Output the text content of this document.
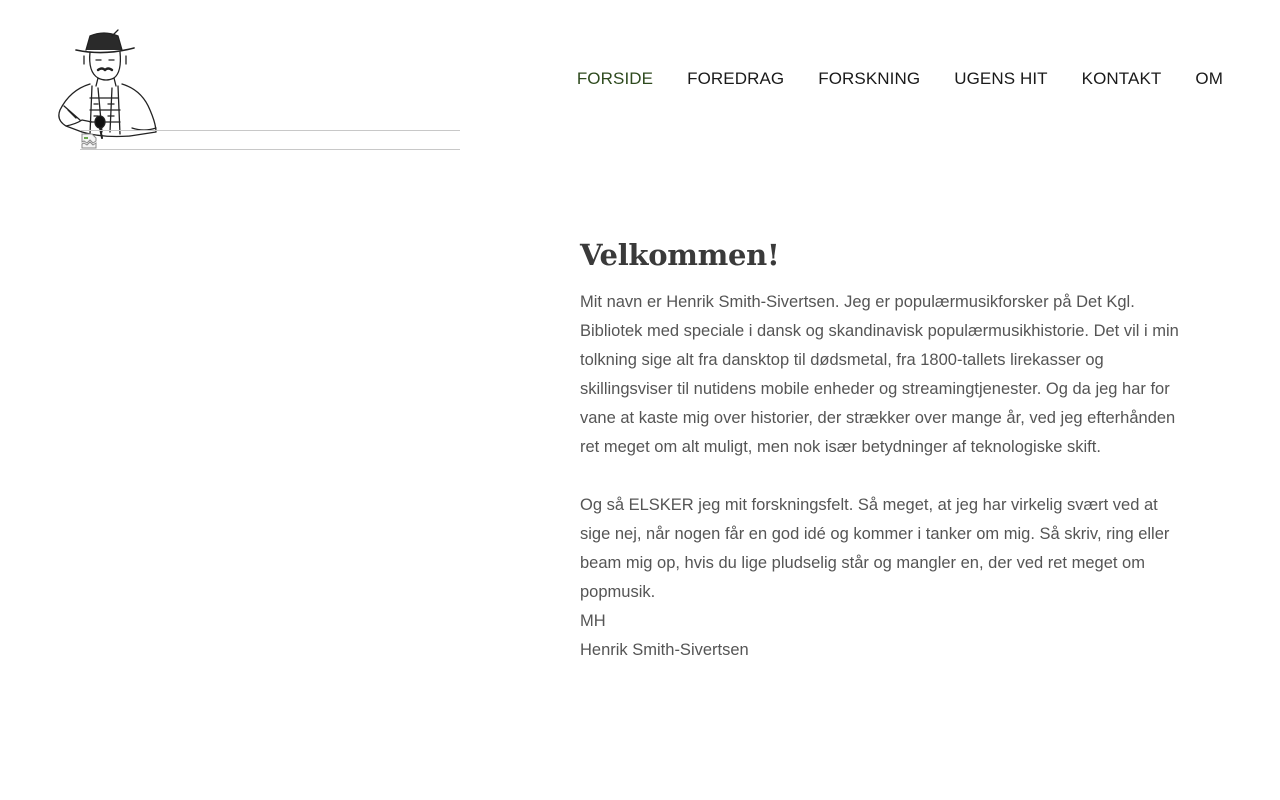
FORSIDE FOREDRAG FORSKNING UGENS HIT KONTAKT OM
Velkommen!

Mit navn er Henrik Smith-Sivertsen. Jeg er populærmusikforsker på Det Kgl. Bibliotek med speciale i dansk og skandinavisk populærmusikhistorie. Det vil i min tolkning sige alt fra dansktop til dødsmetal, fra 1800-tallets lirekasser og skillingsviser til nutidens mobile enheder og streamingtjenester. Og da jeg har for vane at kaste mig over historier, der strækker over mange år, ved jeg efterhånden ret meget om alt muligt, men nok især betydninger af teknologiske skift.

Og så ELSKER jeg mit forskningsfelt. Så meget, at jeg har virkelig svært ved at sige nej, når nogen får en god idé og kommer i tanker om mig. Så skriv, ring eller beam mig op, hvis du lige pludselig står og mangler en, der ved ret meget om popmusik.

MH

Henrik Smith-Sivertsen
